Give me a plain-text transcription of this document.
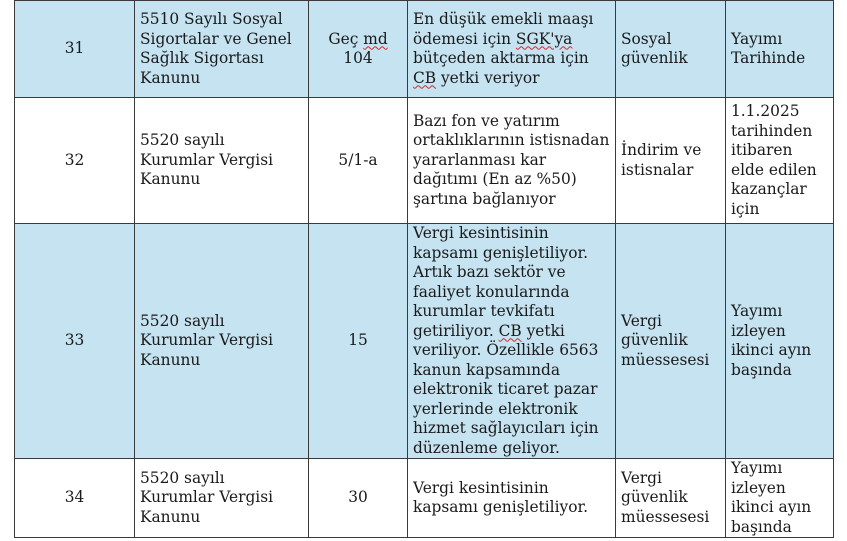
31	5510 Sayılı Sosyal Sigortalar ve Genel Sağlık Sigortası Kanunu	Geç md 104	En düşük emekli maaşı ödemesi için SGK'ya bütçeden aktarma için CB yetki veriyor	Sosyal güvenlik	Yayımı Tarihinde
32	5520 sayılı Kurumlar Vergisi Kanunu	5/1-a	Bazı fon ve yatırım ortaklıklarının istisnadan yararlanması kar dağıtımı (En az %50) şartına bağlanıyor	İndirim ve istisnalar	1.1.2025 tarihinden itibaren elde edilen kazançlar için
33	5520 sayılı Kurumlar Vergisi Kanunu	15	Vergi kesintisinin kapsamı genişletiliyor. Artık bazı sektör ve faaliyet konularında kurumlar tevkifatı getiriliyor. CB yetki veriliyor. Özellikle 6563 kanun kapsamında elektronik ticaret pazar yerlerinde elektronik hizmet sağlayıcıları için düzenleme geliyor.	Vergi güvenlik müessesesi	Yayımı izleyen ikinci ayın başında
34	5520 sayılı Kurumlar Vergisi Kanunu	30	Vergi kesintisinin kapsamı genişletiliyor.	Vergi güvenlik müessesesi	Yayımı izleyen ikinci ayın başında
